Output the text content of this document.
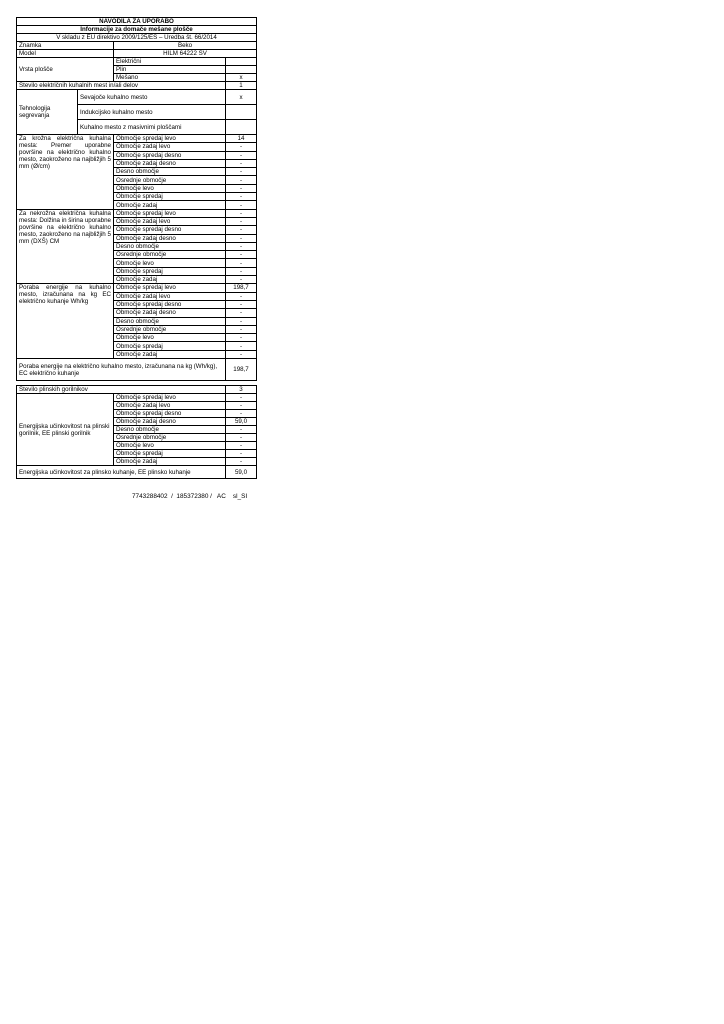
NAVODILA ZA UPORABO			
Informacije za domače mešane plošče			
V skladu z EU direktivo 2009/125/ES – Uredba št. 66/2014			
Znamka		Beko	
Model		HILM 64222 SV	
Vrsta plošče		Električni	
		Plin	
		Mešano	x
Število električnih kuhalnih mest in/ali delov			1
Tehnologija segrevanja	Sevajoče kuhalno mesto		x
	Indukcijsko kuhalno mesto		
	Kuhalno mesto z masivnimi ploščami		
Za krožna električna kuhalna mesta: Premer uporabne površine na električno kuhalno mesto, zaokroženo na najbližjih 5 mm (Ø/cm)		Območje spredaj levo	14
		Območje zadaj levo	-
		Območje spredaj desno	-
		Območje zadaj desno	-
		Desno območje	-
		Osrednje območje	-
		Območje levo	-
		Območje spredaj	-
		Območje zadaj	-
Za nekrožna električna kuhalna mesta: Dolžina in širina uporabne površine na električno kuhalno mesto, zaokroženo na najbližjih 5 mm (DXŠ) CM		Območje spredaj levo	-
		Območje zadaj levo	-
		Območje spredaj desno	-
		Območje zadaj desno	-
		Desno območje	-
		Osrednje območje	-
		Območje levo	-
		Območje spredaj	-
		Območje zadaj	-
Poraba energije na kuhalno mesto, izračunana na kg EC električno kuhanje Wh/kg		Območje spredaj levo	198,7
		Območje zadaj levo	-
		Območje spredaj desno	-
		Območje zadaj desno	-
		Desno območje	-
		Osrednje območje	-
		Območje levo	-
		Območje spredaj	-
		Območje zadaj	-
Poraba energije na električno kuhalno mesto, izračunana na kg (Wh/kg), EC električno kuhanje			198,7

Število plinskih gorilnikov			3
Energijska učinkovitost na plinski gorilnik, EE plinski gorilnik		Območje spredaj levo	-
		Območje zadaj levo	-
		Območje spredaj desno	-
		Območje zadaj desno	59,0
		Desno območje	-
		Osrednje območje	-
		Območje levo	-
		Območje spredaj	-
		Območje zadaj	-
Energijska učinkovitost za plinsko kuhanje, EE plinsko kuhanje			59,0
7743288402  /  185372380 /   AC    sl_SI
